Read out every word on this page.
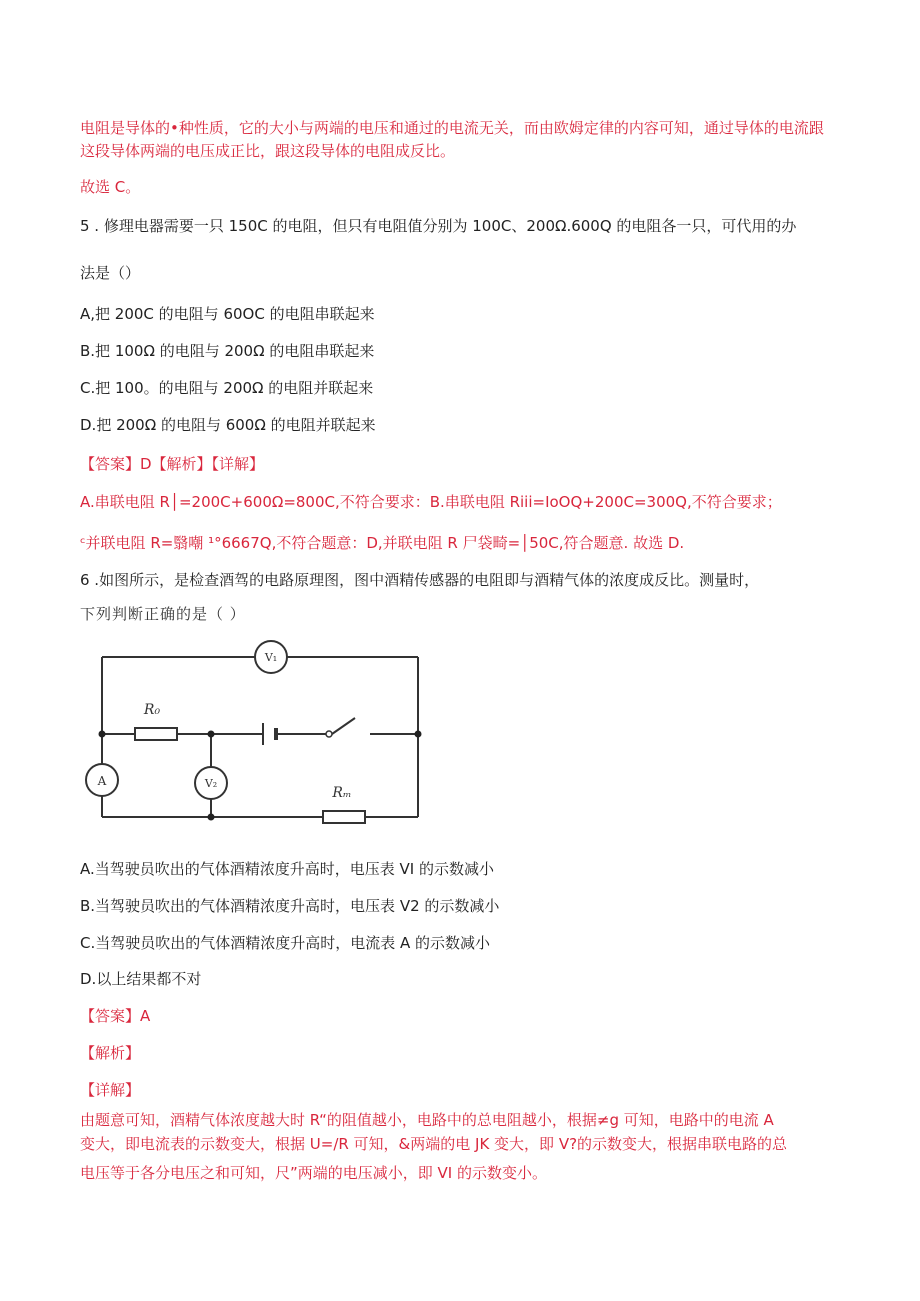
电阻是导体的•种性质，它的大小与两端的电压和通过的电流无关，而由欧姆定律的内容可知，通过导体的电流跟
这段导体两端的电压成正比，跟这段导体的电阻成反比。
故选 C。
5 . 修理电器需要一只 150C 的电阻，但只有电阻值分别为 100C、200Ω.600Q 的电阻各一只，可代用的办
法是（）
A,把 200C 的电阻与 60OC 的电阻串联起来
B.把 100Ω 的电阻与 200Ω 的电阻串联起来
C.把 100。的电阻与 200Ω 的电阻并联起来
D.把 200Ω 的电阻与 600Ω 的电阻并联起来
【答案】D【解析】【详解】
A.串联电阻 R│=200C+600Ω=800C,不符合要求：B.串联电阻 Riii=IoOQ+200C=300Q,不符合要求；
ᶜ并联电阻 R=翳嘲 ¹°6667Q,不符合题意：D,并联电阻 R 尸袋畸=│50C,符合题意. 故选 D.
6 .如图所示，是检查酒驾的电路原理图，图中酒精传感器的电阻即与酒精气体的浓度成反比。测量时，
下列判断正确的是（ ）
V₁
R₀
A	V₂
Rₘ
A.当驾驶员吹出的气体酒精浓度升高时，电压表 VI 的示数减小
B.当驾驶员吹出的气体酒精浓度升高时，电压表 V2 的示数减小
C.当驾驶员吹出的气体酒精浓度升高时，电流表 A 的示数减小
D.以上结果都不对
【答案】A
【解析】
【详解】
由题意可知，酒精气体浓度越大时 R“的阻值越小，电路中的总电阻越小，根据≠g 可知，电路中的电流 A
变大，即电流表的示数变大，根据 U=/R 可知，&两端的电 JK 变大，即 V?的示数变大，根据串联电路的总
电压等于各分电压之和可知，尺”两端的电压减小，即 VI 的示数变小。
